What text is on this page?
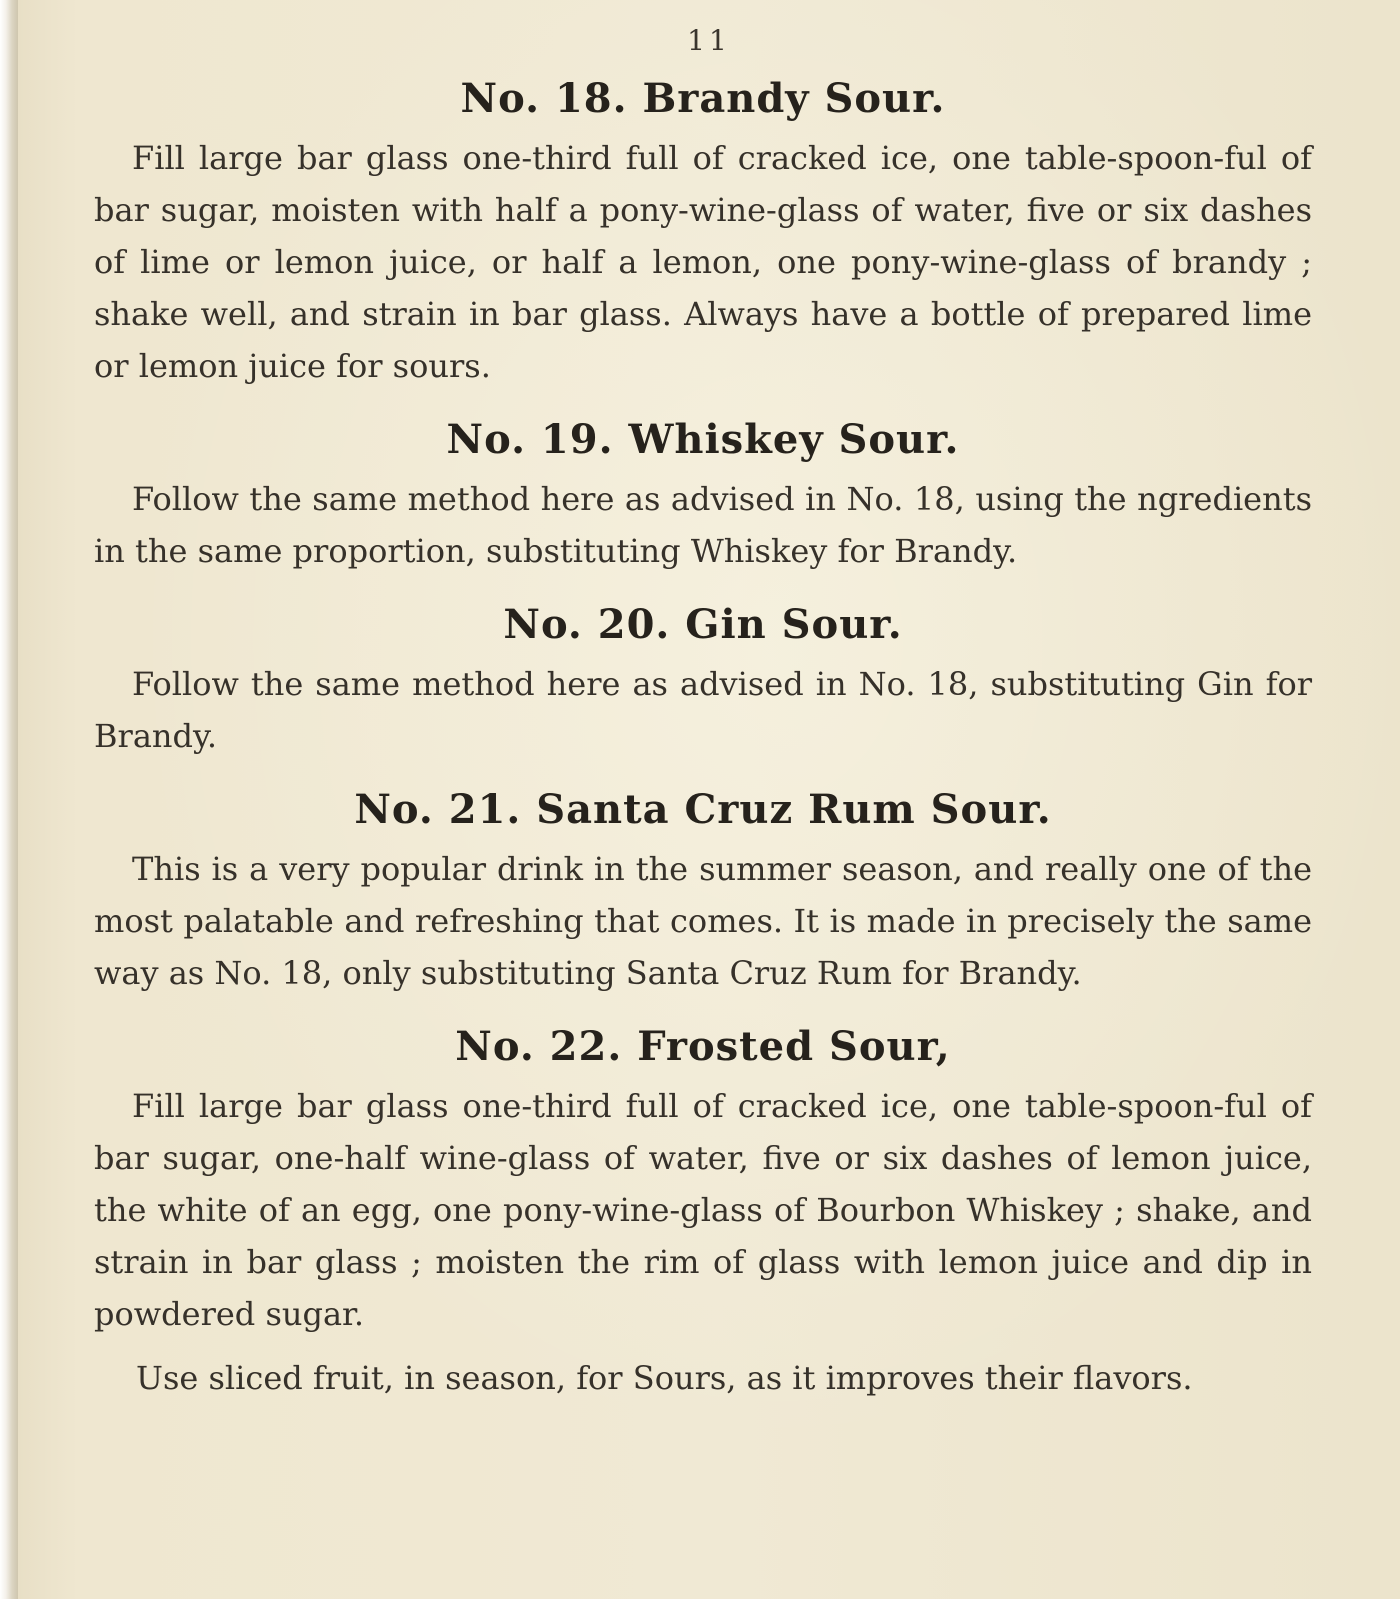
11
No. 18. Brandy Sour.

Fill large bar glass one-third full of cracked ice, one table-spoon-ful of bar sugar, moisten with half a pony-wine-glass of water, five or six dashes of lime or lemon juice, or half a lemon, one pony-wine-glass of brandy ; shake well, and strain in bar glass. Always have a bottle of prepared lime or lemon juice for sours.

No. 19. Whiskey Sour.

Follow the same method here as advised in No. 18, using the ngredients in the same proportion, substituting Whiskey for Brandy.

No. 20. Gin Sour.

Follow the same method here as advised in No. 18, substituting Gin for Brandy.

No. 21. Santa Cruz Rum Sour.

This is a very popular drink in the summer season, and really one of the most palatable and refreshing that comes. It is made in precisely the same way as No. 18, only substituting Santa Cruz Rum for Brandy.

No. 22. Frosted Sour,

Fill large bar glass one-third full of cracked ice, one table-spoon-ful of bar sugar, one-half wine-glass of water, five or six dashes of lemon juice, the white of an egg, one pony-wine-glass of Bourbon Whiskey ; shake, and strain in bar glass ; moisten the rim of glass with lemon juice and dip in powdered sugar.

Use sliced fruit, in season, for Sours, as it improves their flavors.
